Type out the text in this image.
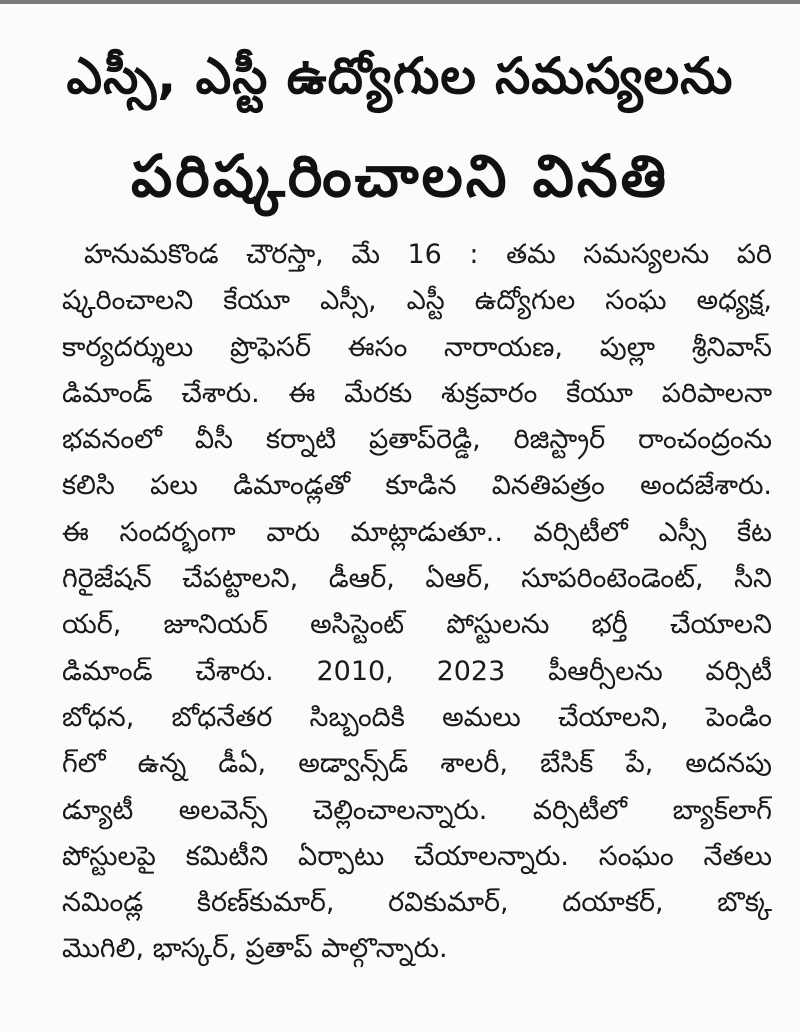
ఎస్సీ, ఎస్టీ ఉద్యోగుల సమస్యలను
పరిష్కరించాలని వినతి
హనుమకొండ చౌరస్తా, మే 16 : తమ సమస్యలను పరి
ష్కరించాలని కేయూ ఎస్సీ, ఎస్టీ ఉద్యోగుల సంఘ అధ్యక్ష,
కార్యదర్శులు ప్రొఫెసర్ ఈసం నారాయణ, పుల్లా శ్రీనివాస్
డిమాండ్ చేశారు. ఈ మేరకు శుక్రవారం కేయూ పరిపాలనా
భవనంలో వీసీ కర్నాటి ప్రతాప్‌రెడ్డి, రిజిస్ట్రార్ రాంచంద్రంను
కలిసి పలు డిమాండ్లతో కూడిన వినతిపత్రం అందజేశారు.
ఈ సందర్భంగా వారు మాట్లాడుతూ.. వర్సిటీలో ఎస్సీ కేట
గిరైజేషన్ చేపట్టాలని, డీఆర్, ఏఆర్, సూపరింటెండెంట్, సీని
యర్, జూనియర్ అసిస్టెంట్ పోస్టులను భర్తీ చేయాలని
డిమాండ్ చేశారు. 2010, 2023 పీఆర్సీలను వర్సిటీ
బోధన, బోధనేతర సిబ్బందికి అమలు చేయాలని, పెండిం
గ్‌లో ఉన్న డీఏ, అడ్వాన్స్‌డ్ శాలరీ, బేసిక్ పే, అదనపు
డ్యూటీ అలవెన్స్ చెల్లించాలన్నారు. వర్సిటీలో బ్యాక్‌లాగ్
పోస్టులపై కమిటీని ఏర్పాటు చేయాలన్నారు. సంఘం నేతలు
నమిండ్ల కిరణ్‌కుమార్, రవికుమార్, దయాకర్, బొక్క
మొగిలి, భాస్కర్, ప్రతాప్ పాల్గొన్నారు.
